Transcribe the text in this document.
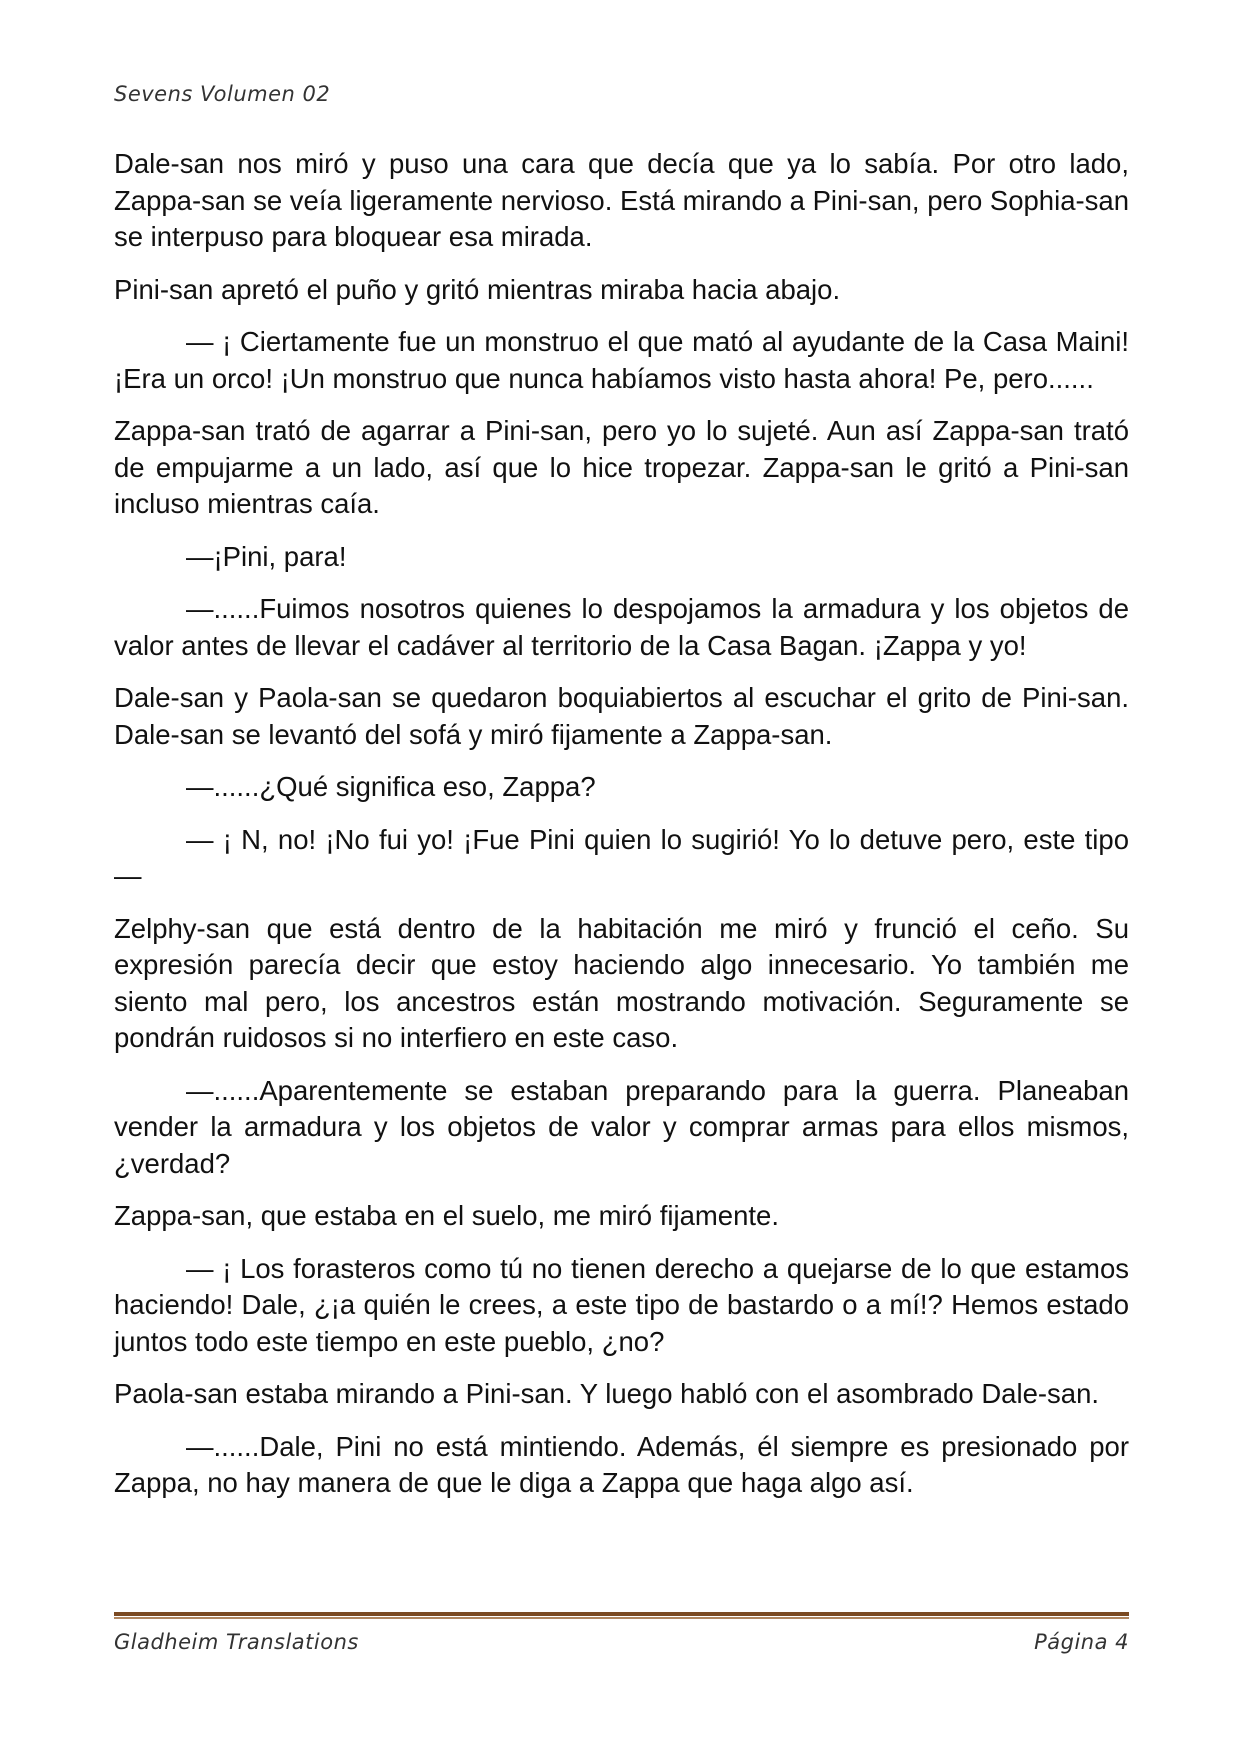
Sevens Volumen 02

Dale-san nos miró y puso una cara que decía que ya lo sabía. Por otro lado, Zappa-san se veía ligeramente nervioso. Está mirando a Pini-san, pero Sophia-san se interpuso para bloquear esa mirada.

Pini-san apretó el puño y gritó mientras miraba hacia abajo.

— ¡ Ciertamente fue un monstruo el que mató al ayudante de la Casa Maini! ¡Era un orco! ¡Un monstruo que nunca habíamos visto hasta ahora! Pe, pero......

Zappa-san trató de agarrar a Pini-san, pero yo lo sujeté. Aun así Zappa-san trató de empujarme a un lado, así que lo hice tropezar. Zappa-san le gritó a Pini-san incluso mientras caía.

—¡Pini, para!

—......Fuimos nosotros quienes lo despojamos la armadura y los objetos de valor antes de llevar el cadáver al territorio de la Casa Bagan. ¡Zappa y yo!

Dale-san y Paola-san se quedaron boquiabiertos al escuchar el grito de Pini-san. Dale-san se levantó del sofá y miró fijamente a Zappa-san.

—......¿Qué significa eso, Zappa?

— ¡ N, no! ¡No fui yo! ¡Fue Pini quien lo sugirió! Yo lo detuve pero, este tipo—

Zelphy-san que está dentro de la habitación me miró y frunció el ceño. Su expresión parecía decir que estoy haciendo algo innecesario. Yo también me siento mal pero, los ancestros están mostrando motivación. Seguramente se pondrán ruidosos si no interfiero en este caso.

—......Aparentemente se estaban preparando para la guerra. Planeaban vender la armadura y los objetos de valor y comprar armas para ellos mismos, ¿verdad?

Zappa-san, que estaba en el suelo, me miró fijamente.

— ¡ Los forasteros como tú no tienen derecho a quejarse de lo que estamos haciendo! Dale, ¿¡a quién le crees, a este tipo de bastardo o a mí!? Hemos estado juntos todo este tiempo en este pueblo, ¿no?

Paola-san estaba mirando a Pini-san. Y luego habló con el asombrado Dale-san.

—......Dale, Pini no está mintiendo. Además, él siempre es presionado por Zappa, no hay manera de que le diga a Zappa que haga algo así.

Gladheim Translations	Página 4
